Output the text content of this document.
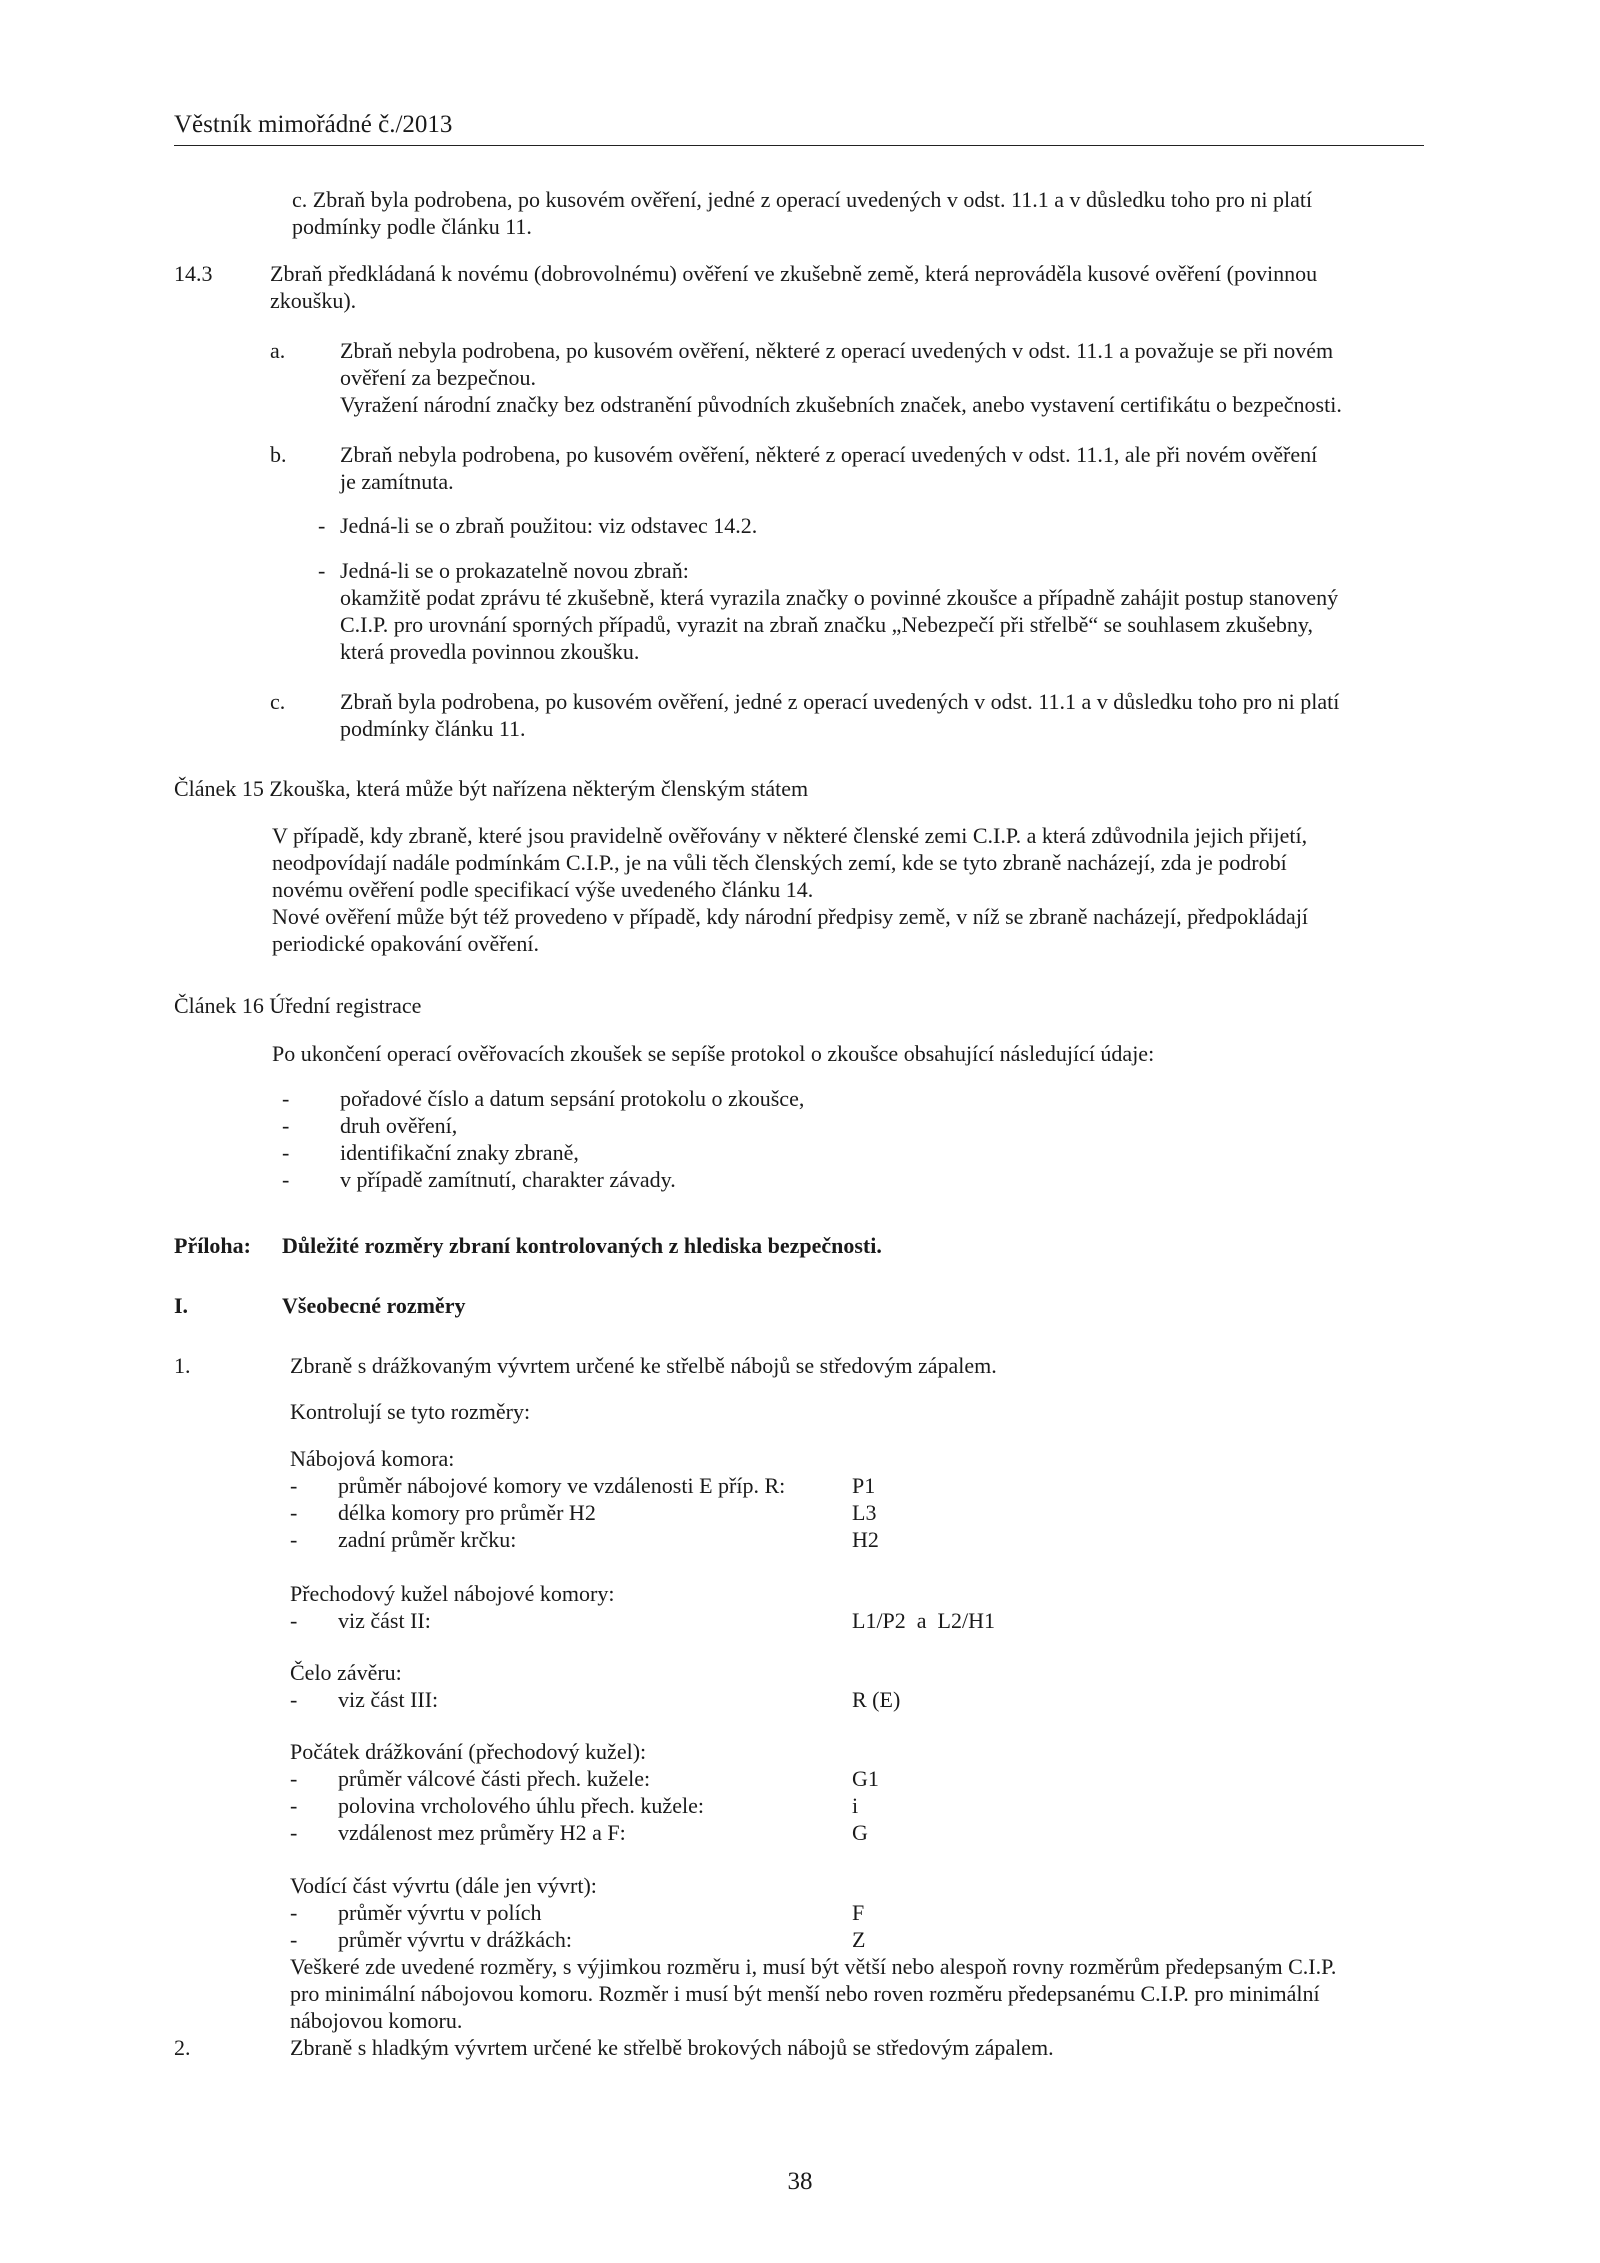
Věstník mimořádné č./2013
c. Zbraň byla podrobena, po kusovém ověření, jedné z operací uvedených v odst. 11.1 a v důsledku toho pro ni platí
podmínky podle článku 11.
14.3	Zbraň předkládaná k novému (dobrovolnému) ověření ve zkušebně země, která neprováděla kusové ověření (povinnou
zkoušku).
a. Zbraň nebyla podrobena, po kusovém ověření, některé z operací uvedených v odst. 11.1 a považuje se při novém
ověření za bezpečnou.
Vyražení národní značky bez odstranění původních zkušebních značek, anebo vystavení certifikátu o bezpečnosti.
b. Zbraň nebyla podrobena, po kusovém ověření, některé z operací uvedených v odst. 11.1, ale při novém ověření
je zamítnuta.
- Jedná-li se o zbraň použitou: viz odstavec 14.2.
- Jedná-li se o prokazatelně novou zbraň:
okamžitě podat zprávu té zkušebně, která vyrazila značky o povinné zkoušce a případně zahájit postup stanovený
C.I.P. pro urovnání sporných případů, vyrazit na zbraň značku „Nebezpečí při střelbě“ se souhlasem zkušebny,
která provedla povinnou zkoušku.
c. Zbraň byla podrobena, po kusovém ověření, jedné z operací uvedených v odst. 11.1 a v důsledku toho pro ni platí
podmínky článku 11.
Článek 15 Zkouška, která může být nařízena některým členským státem
V případě, kdy zbraně, které jsou pravidelně ověřovány v některé členské zemi C.I.P. a která zdůvodnila jejich přijetí,
neodpovídají nadále podmínkám C.I.P., je na vůli těch členských zemí, kde se tyto zbraně nacházejí, zda je podrobí
novému ověření podle specifikací výše uvedeného článku 14.
Nové ověření může být též provedeno v případě, kdy národní předpisy země, v níž se zbraně nacházejí, předpokládají
periodické opakování ověření.
Článek 16 Úřední registrace
Po ukončení operací ověřovacích zkoušek se sepíše protokol o zkoušce obsahující následující údaje:
- pořadové číslo a datum sepsání protokolu o zkoušce,
- druh ověření,
- identifikační znaky zbraně,
- v případě zamítnutí, charakter závady.
Příloha: Důležité rozměry zbraní kontrolovaných z hlediska bezpečnosti.
I.	Všeobecné rozměry
1.	Zbraně s drážkovaným vývrtem určené ke střelbě nábojů se středovým zápalem.
Kontrolují se tyto rozměry:
Nábojová komora:
- průměr nábojové komory ve vzdálenosti E příp. R:	P1
- délka komory pro průměr H2	L3
- zadní průměr krčku:	H2
Přechodový kužel nábojové komory:
- viz část II:	L1/P2  a  L2/H1
Čelo závěru:
- viz část III:	R (E)
Počátek drážkování (přechodový kužel):
- průměr válcové části přech. kužele:	G1
- polovina vrcholového úhlu přech. kužele:	i
- vzdálenost mez průměry H2 a F:	G
Vodící část vývrtu (dále jen vývrt):
- průměr vývrtu v polích	F
- průměr vývrtu v drážkách:	Z
Veškeré zde uvedené rozměry, s výjimkou rozměru i, musí být větší nebo alespoň rovny rozměrům předepsaným C.I.P.
pro minimální nábojovou komoru. Rozměr i musí být menší nebo roven rozměru předepsanému C.I.P. pro minimální
nábojovou komoru.
2.	Zbraně s hladkým vývrtem určené ke střelbě brokových nábojů se středovým zápalem.
38
